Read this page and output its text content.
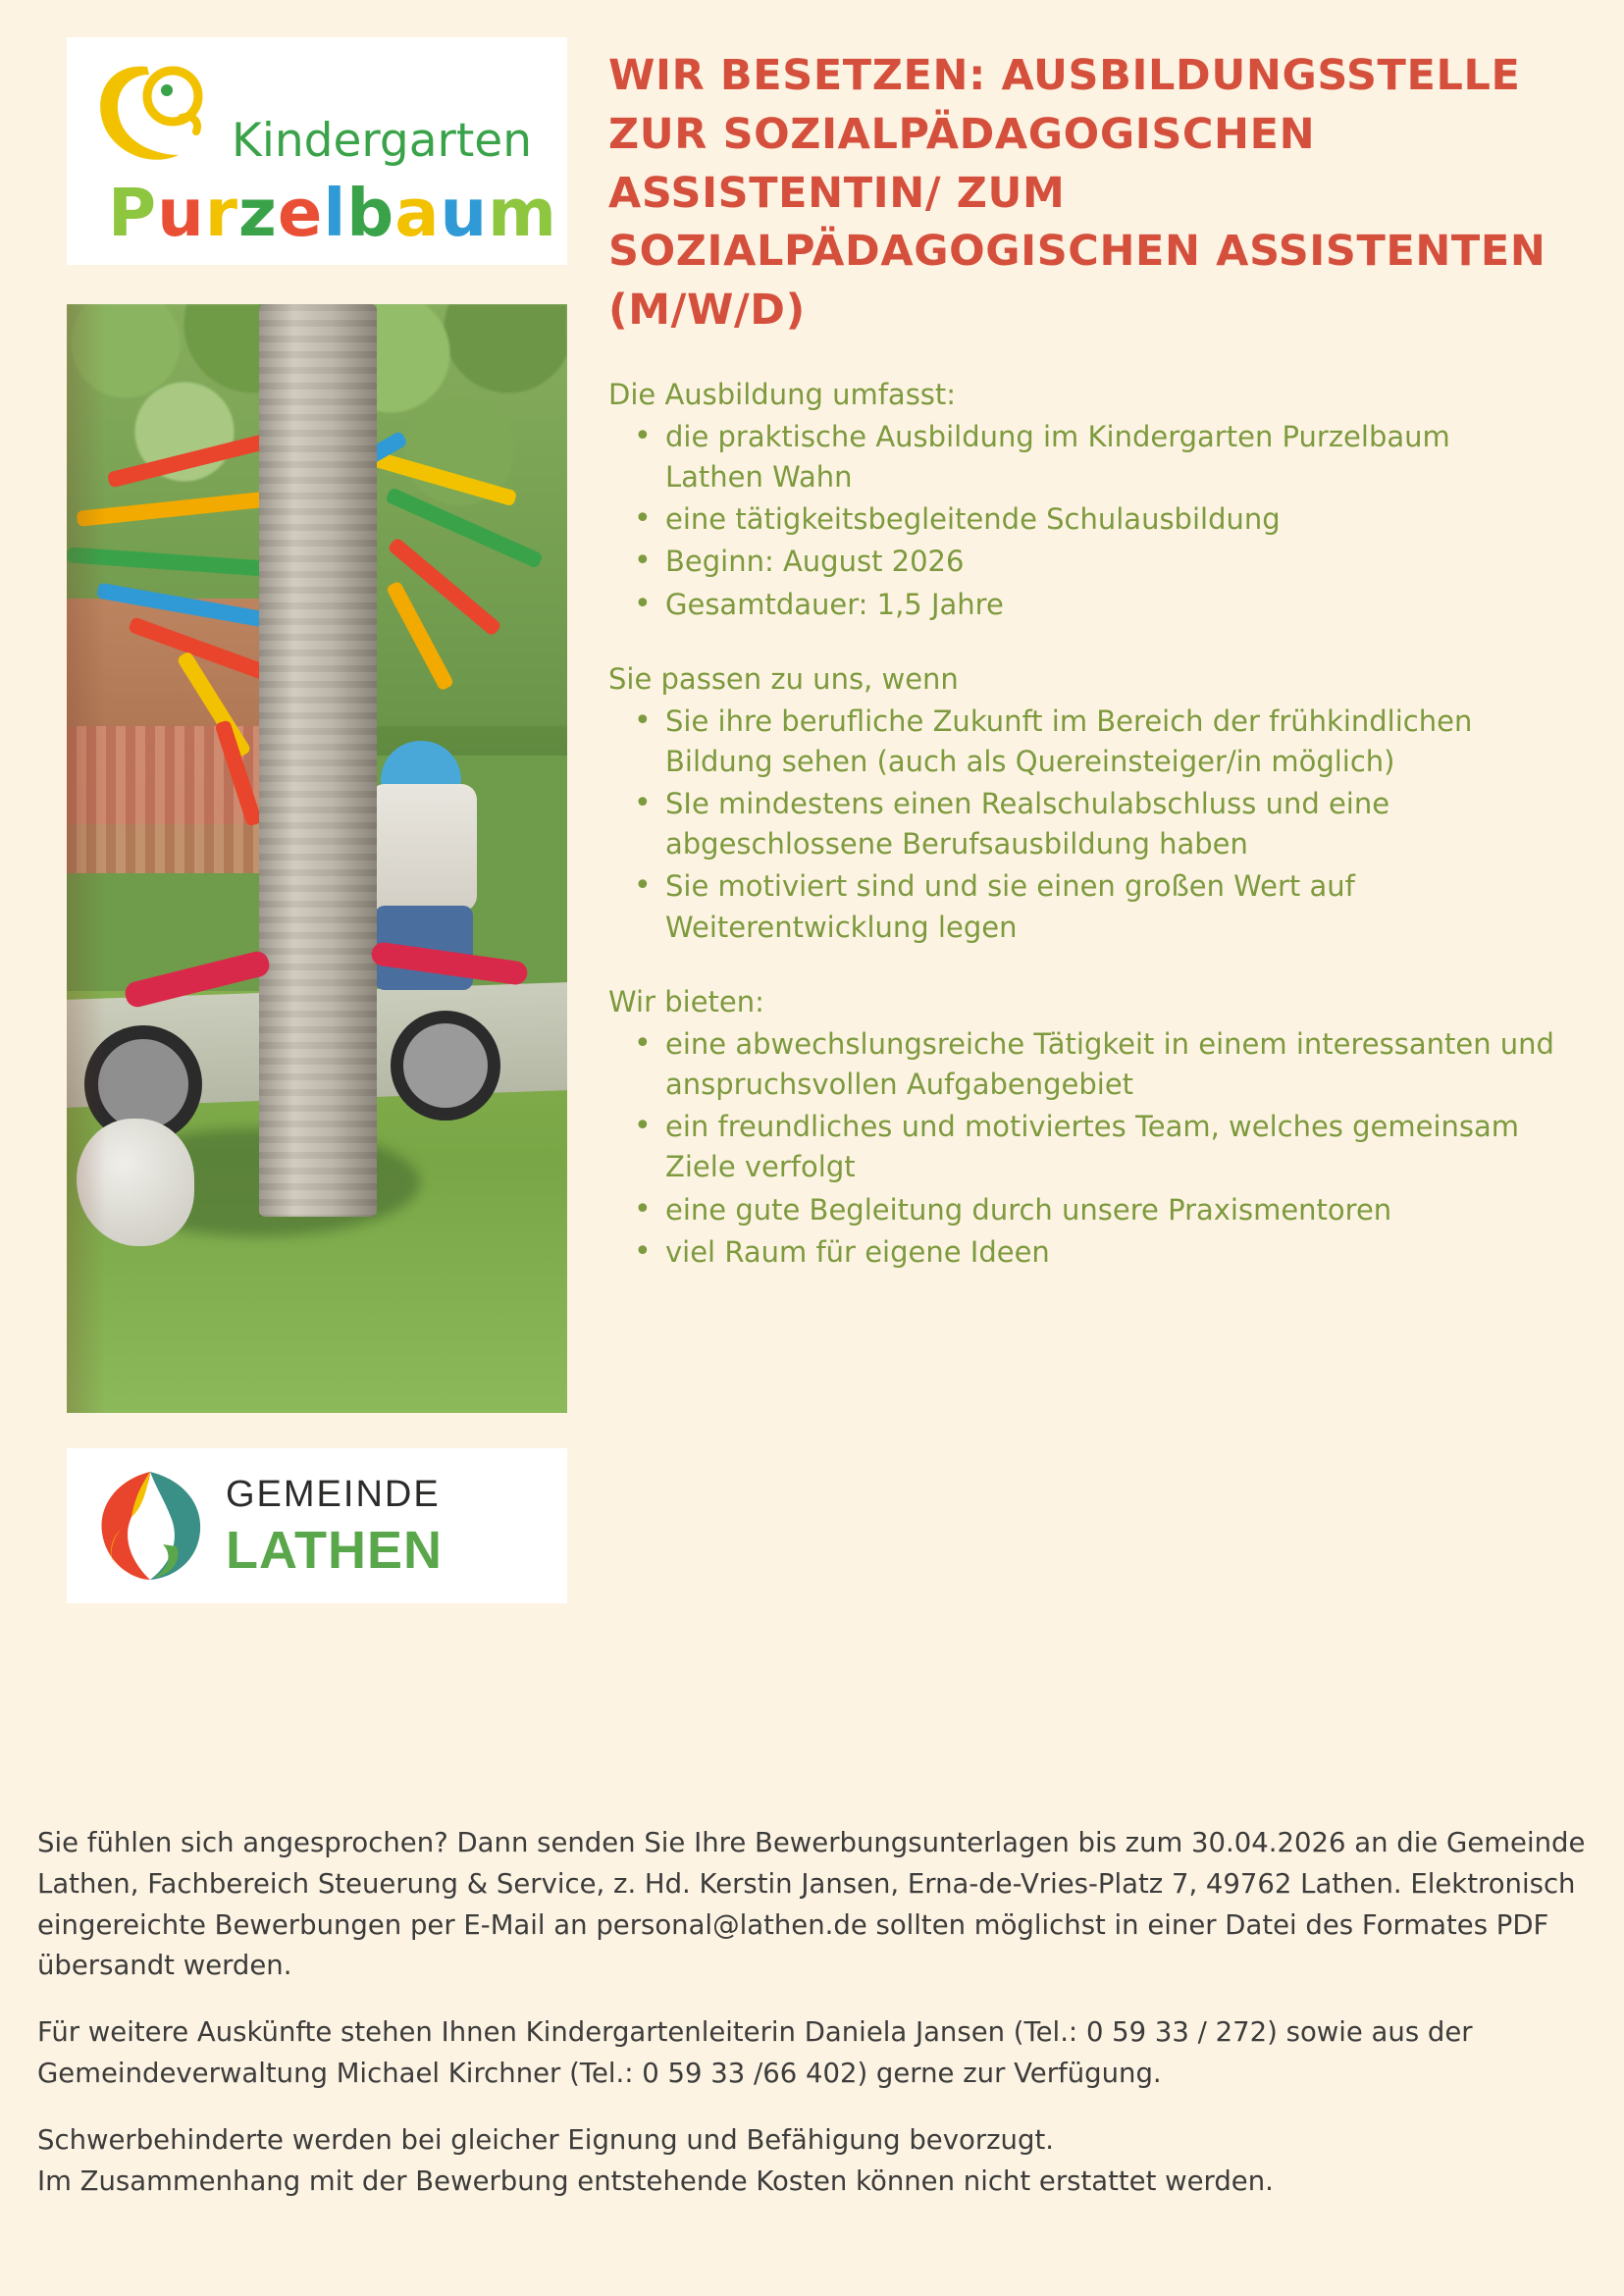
Kindergarten
Purzelbaum
GEMEINDE
LATHEN
WIR BESETZEN: AUSBILDUNGSSTELLE ZUR SOZIALPÄDAGOGISCHEN ASSISTENTIN/ ZUM SOZIALPÄDAGOGISCHEN ASSISTENTEN (M/W/D)
Die Ausbildung umfasst:
• die praktische Ausbildung im Kindergarten Purzelbaum Lathen Wahn
• eine tätigkeitsbegleitende Schulausbildung
• Beginn: August 2026
• Gesamtdauer: 1,5 Jahre
Sie passen zu uns, wenn
• Sie ihre berufliche Zukunft im Bereich der frühkindlichen Bildung sehen (auch als Quereinsteiger/in möglich)
• SIe mindestens einen Realschulabschluss und eine abgeschlossene Berufsausbildung haben
• Sie motiviert sind und sie einen großen Wert auf Weiterentwicklung legen
Wir bieten:
• eine abwechslungsreiche Tätigkeit in einem interessanten und anspruchsvollen Aufgabengebiet
• ein freundliches und motiviertes Team, welches gemeinsam Ziele verfolgt
• eine gute Begleitung durch unsere Praxismentoren
• viel Raum für eigene Ideen

Sie fühlen sich angesprochen? Dann senden Sie Ihre Bewerbungsunterlagen bis zum 30.04.2026 an die Gemeinde Lathen, Fachbereich Steuerung & Service, z. Hd. Kerstin Jansen, Erna-de-Vries-Platz 7, 49762 Lathen. Elektronisch eingereichte Bewerbungen per E-Mail an personal@lathen.de sollten möglichst in einer Datei des Formates PDF übersandt werden.

Für weitere Auskünfte stehen Ihnen Kindergartenleiterin Daniela Jansen (Tel.: 0 59 33 / 272) sowie aus der Gemeindeverwaltung Michael Kirchner (Tel.: 0 59 33 /66 402) gerne zur Verfügung.

Schwerbehinderte werden bei gleicher Eignung und Befähigung bevorzugt.

Im Zusammenhang mit der Bewerbung entstehende Kosten können nicht erstattet werden.
